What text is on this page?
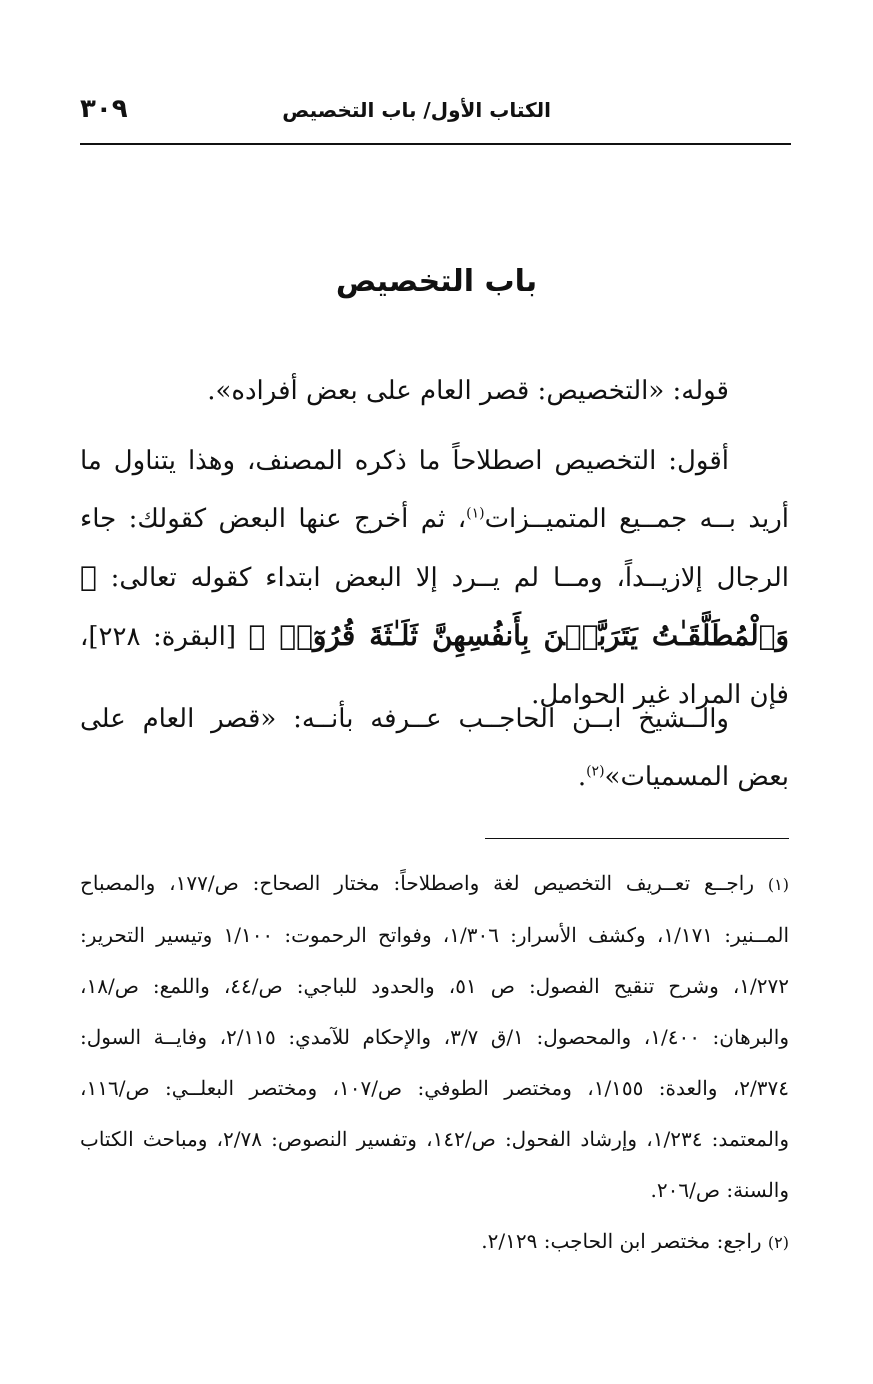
٣٠٩	الكتاب الأول/ باب التخصيص
باب التخصيص

قوله: «التخصيص: قصر العام على بعض أفراده».

أقول: التخصيص اصطلاحاً ما ذكره المصنف، وهذا يتناول ما أريد بــه جمــيع المتميــزات$^{(١)}$، ثم أخرج عنها البعض كقولك: جاء الرجال إلازيــداً، ومــا لم يــرد إلا البعض ابتداء كقوله تعالى: ﴿ وَٱلْمُطَلَّقَـٰتُ يَتَرَبَّصۡنَ بِأَنفُسِهِنَّ ثَلَـٰثَةَ قُرُوٓءٖ ﴾ [البقرة: ٢٢٨]، فإن المراد غير الحوامل.

والــشيخ ابــن الحاجــب عــرفه بأنــه: «قصر العام على بعض المسميات»$^{(٢)}$.

(١) راجــع تعــريف التخصيص لغة واصطلاحاً: مختار الصحاح: ص/١٧٧، والمصباح المــنير: ١/١٧١، وكشف الأسرار: ١/٣٠٦، وفواتح الرحموت: ١/١٠٠ وتيسير التحرير: ١/٢٧٢، وشرح تنقيح الفصول: ص ٥١، والحدود للباجي: ص/٤٤، واللمع: ص/١٨، والبرهان: ١/٤٠٠، والمحصول: ١/ق ٣/٧، والإحكام للآمدي: ٢/١١٥، وفايــة السول: ٢/٣٧٤، والعدة: ١/١٥٥، ومختصر الطوفي: ص/١٠٧، ومختصر البعلــي: ص/١١٦، والمعتمد: ١/٢٣٤، وإرشاد الفحول: ص/١٤٢، وتفسير النصوص: ٢/٧٨، ومباحث الكتاب والسنة: ص/٢٠٦.

(٢) راجع: مختصر ابن الحاجب: ٢/١٢٩.
